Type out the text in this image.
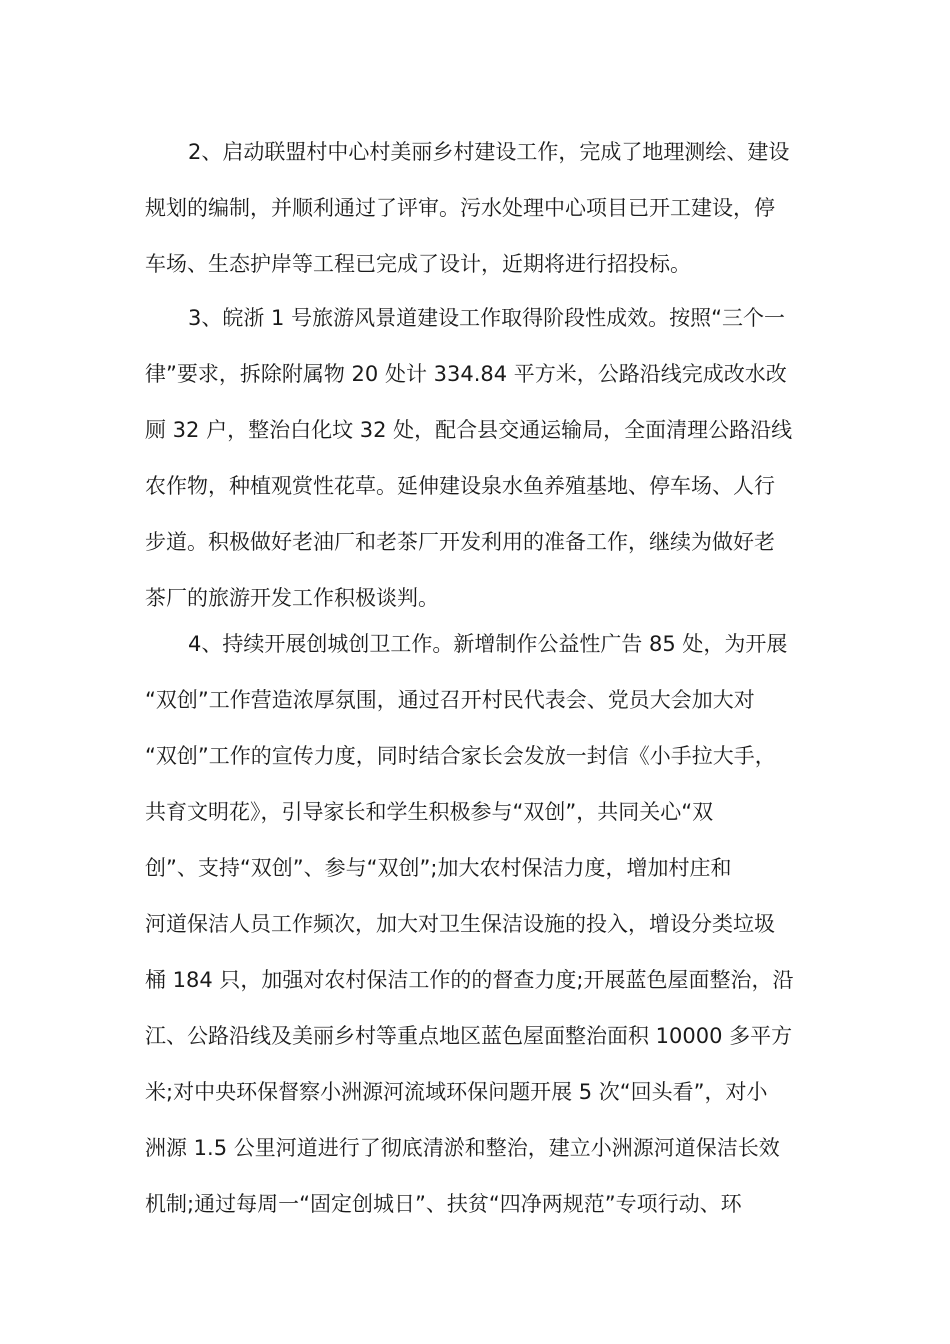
2、启动联盟村中心村美丽乡村建设工作，完成了地理测绘、建设
规划的编制，并顺利通过了评审。污水处理中心项目已开工建设，停
车场、生态护岸等工程已完成了设计，近期将进行招投标。
3、皖浙 1 号旅游风景道建设工作取得阶段性成效。按照“三个一
律”要求，拆除附属物 20 处计 334.84 平方米，公路沿线完成改水改
厕 32 户，整治白化坟 32 处，配合县交通运输局，全面清理公路沿线
农作物，种植观赏性花草。延伸建设泉水鱼养殖基地、停车场、人行
步道。积极做好老油厂和老茶厂开发利用的准备工作，继续为做好老
茶厂的旅游开发工作积极谈判。
4、持续开展创城创卫工作。新增制作公益性广告 85 处，为开展
“双创”工作营造浓厚氛围，通过召开村民代表会、党员大会加大对
“双创”工作的宣传力度，同时结合家长会发放一封信《小手拉大手，
共育文明花》，引导家长和学生积极参与“双创”，共同关心“双
创”、支持“双创”、参与“双创”;加大农村保洁力度，增加村庄和
河道保洁人员工作频次，加大对卫生保洁设施的投入，增设分类垃圾
桶 184 只，加强对农村保洁工作的的督查力度;开展蓝色屋面整治，沿
江、公路沿线及美丽乡村等重点地区蓝色屋面整治面积 10000 多平方
米;对中央环保督察小洲源河流域环保问题开展 5 次“回头看”，对小
洲源 1.5 公里河道进行了彻底清淤和整治，建立小洲源河道保洁长效
机制;通过每周一“固定创城日”、扶贫“四净两规范”专项行动、环
